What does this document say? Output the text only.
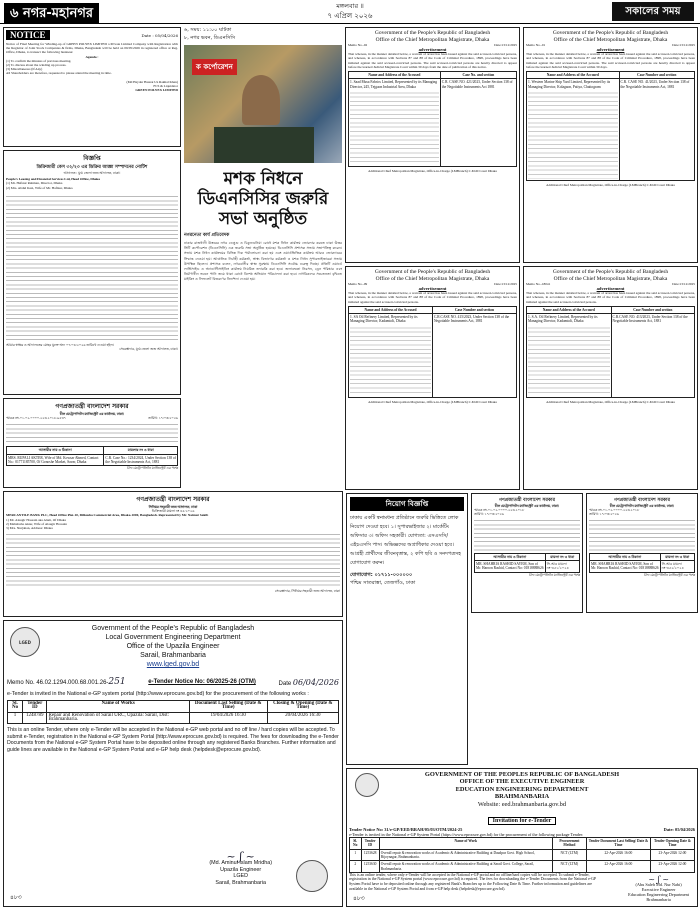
৬ নগর-মহানগর	মঙ্গলবার ॥
৭ এপ্রিল ২০২৬	সকালের সময়
NOTICE	Date : 05/04/2026
Notice of Final Meeting for Winding-up of GREEN POLYEX LIMITED a Private Limited Company with Registration with the Registrar of Joint Stock Companies & firms, Dhaka, Bangladesh will be held on 06/05/2026 in registered office at Reg. Office, Dhaka, to transact the following business:
Agenda :
(1) To confirm the minutes of previous meeting.
(2) To discuss about the winding up process.
(3) Miscellaneous (If Any)
All Shareholders are therefore, requested to please attend the meeting in time.
(Md Haydar Hasnat Uz Rakhal Khan)
FCS & Liquidator
GREEN POLYEX LIMITED
বিজ্ঞপ্তি
ডিক্রিজারী কেস ৩২/২৩ এর ডিক্রির আজ্ঞা সম্পাদনের নোটিশ
আদালত : যুগ্ম জেলা জজ আদালত, ঢাকা।
People's Leasing and Financial Services Ltd, Head Office, Dhaka
(1) Mr. Hafizur Rahman, Director, Dhaka
(2) Mrs. Abdul Kasi, Wife of Mr. Hafizur, Dhaka
আমার স্বাক্ষর ও আদালতের মোহর যুক্তে অদ্য ০৭/০৪/২০২৬ তারিখে দেওয়া হইল।
সেরেস্তাদার, যুগ্ম জেলা জজ আদালত, ঢাকা।
গণপ্রজাতন্ত্রী বাংলাদেশ সরকার
চীফ মেট্রোপলিটন ম্যাজিস্ট্রেট এর কার্যালয়, ঢাকা।
স্মারক নং-০১.০২.০০০০.২২৩.২০১৮.৯৫৩৭	তারিখ: ১৭/০৩/২০২৬
আসামীর নাম ও ঠিকানা	মামলার নং ও ধারা
MRS. RUPALI AKTER, Wife of Md. Kowsar Ahmed, Contact No.: 01771185700, Of Gonoshe Market, Savar, Dhaka	C.R. Case No.: 1234/2024, Under Section 138 of the Negotiable Instruments Act, 1881
চীফ মেট্রোপলিটন ম্যাজিস্ট্রেট এর পক্ষে
গণপ্রজাতন্ত্রী বাংলাদেশ সরকার
সিনিয়র সহকারী জজ আদালত, ঢাকা
ডিক্রিজারী মামলা নং ৪৫/২০২৬
MERCANTILE BANK PLC, Head Office Plot-10, Dilkusha Commercial Area, Dhaka-1000, Bangladesh. Represented by Mr. Naimur Sakib
1) Mr. Alaugir Hossain aka Alam, Of Dhaka
2) Mahabuba Akter, Wife of Alaugir Hossain
3) Mrs. Nurjahan, Address: Dhaka
সেরেস্তাদার, সিনিয়র সহকারী জজ আদালত, ঢাকা
৬, সময়: ১১:০০ ঘটিকা
৮, নগর ভবন, ডিএনসিসি
ক কর্পোরেশন
মশক নিধনে
ডিএনসিসির জরুরি
সভা অনুষ্ঠিত
নগরনেতা কার্য প্রতিবেদক
ঢাকার রাজধানী উত্তরের নগর ডেঙ্গু ও চিকুনগুনিয়া রোধে মশক নিধন কার্যক্রম জোরদার করতে ঢাকা উত্তর সিটি কর্পোরেশন (ডিএনসিসি) এক জরুরি সভা অনুষ্ঠিত হয়েছে। ডিএনসিসি প্রশাসক সভায় সভাপতিত্ব করেন। সভায় মশক নিধন কার্যক্রমের বিভিন্ন দিক পর্যালোচনা করা হয় এবং ওয়ার্ডভিত্তিক কার্যক্রম আরও জোরদারের সিদ্ধান্ত নেওয়া হয়। আঞ্চলিক নির্বাহী কর্মকর্তা, স্বাস্থ্য বিভাগের কর্মকর্তা ও মশক নিধন সুপারভাইজাররা সভায় উপস্থিত ছিলেন। প্রশাসক বলেন, নগরবাসীর স্বাস্থ্য সুরক্ষায় ডিএনসিসি সর্বোচ্চ গুরুত্ব দিচ্ছে। প্রতিটি ওয়ার্ডে লার্ভিসাইড ও অ্যাডাল্টিসাইডিং কার্যক্রম নিয়মিত তদারকি করা হবে। জলাবদ্ধতা নিরসন, ড্রেন পরিষ্কার এবং নির্মাণাধীন ভবনে পানি জমে থাকা রোধে বিশেষ অভিযান পরিচালনা করা হবে। নাগরিকদের সচেতনতা বৃদ্ধিতে মাইকিং ও লিফলেট বিতরণের নির্দেশনা দেওয়া হয়।
নিয়োগ বিজ্ঞপ্তি
ঢাকায় একটি স্বনামধন্য প্রতিষ্ঠানে জরুরি ভিত্তিতে লোক নিয়োগ দেওয়া হবে। ১। সুপারভাইজার ২। মার্কেটিং অফিসার ৩। অফিস সহকারী। যোগ্যতা: এসএসসি/এইচএসসি পাস। অভিজ্ঞদের অগ্রাধিকার দেওয়া হবে। আগ্রহী প্রার্থীদের জীবনবৃত্তান্ত, ২ কপি ছবি ও সনদপত্রসহ যোগাযোগ করুন।
যোগাযোগ: ০১৭১১-০০০০০০
পশ্চিম সাতরাস্তা, তেজগাঁও, ঢাকা
Government of the People's Republic of Bangladesh
Office of the Chief Metropolitan Magistrate, Dhaka
Memo No.-02	Date:13/12/2025
advertisement
That whereas, in the manner detailed below, a warrant of arrest has been issued against the said accused-convicted persons, and whereas, in accordance with Sections 87 and 88 of the Code of Criminal Procedure, 1898, proceedings have been initiated against the said accused-convicted persons. The said accused-convicted persons are hereby directed to appear before the learned Judicial Magistrate Court within 30 days from the date of publication of this notice.
Name and Address of the Accused	Case No. and section
1. Saad Musa Fabrics Limited, Represented by its Managing Director, 245, Tejgaon Industrial Area, Dhaka	C.R. CASE NO. 421/2023, Under Section 138 of the Negotiable Instruments Act 1881
Additional Chief Metropolitan Magistrate, Office-in-Charge (I.MBranch) C.M.M Court Dhaka
Government of the People's Republic of Bangladesh
Office of the Chief Metropolitan Magistrate, Dhaka
Memo No.-01	Date:13/12/2025
advertisement
That whereas, in the manner detailed below, a warrant of arrest has been issued against the said accused-convicted persons, and whereas, in accordance with Sections 87 and 88 of the Code of Criminal Procedure, 1898, proceedings have been initiated against the said accused-convicted persons. The said accused-convicted persons are hereby directed to appear before the learned Judicial Magistrate Court within 30 days.
Name and Address of the Accused	Case Number and section
1. Western Marine Ship Yard Limited, Represented by its Managing Director, Kolagaon, Patiya, Chattogram	C.R. CASE NO. 41/2023, Under Section 138 of the Negotiable Instruments Act, 1881
Additional Chief Metropolitan Magistrate, Office-in-Charge (I.MBranch) C.M.M Court Dhaka
Government of the People's Republic of Bangladesh
Office of the Chief Metropolitan Magistrate, Dhaka
Memo No.-09	Date:13/12/2025
advertisement
That whereas, in the manner detailed below, a warrant of arrest has been issued against the said accused-convicted persons, and whereas, in accordance with Sections 87 and 88 of the Code of Criminal Procedure, 1898, proceedings have been initiated against the said accused-convicted persons.
Name and Address of the Accused	Case Number and section
1. SA Oil Refinery Limited, Represented by its Managing Director, Kadamtoli, Dhaka	C.R.CASE NO. 415/2023, Under Section 138 of the Negotiable Instruments Act, 1881
Additional Chief Metropolitan Magistrate, Office-in-Charge (I.MBranch) C.M.M Court Dhaka
Government of the People's Republic of Bangladesh
Office of the Chief Metropolitan Magistrate, Dhaka
Memo No.-18041	Date:13/12/2025
advertisement
That whereas, in the manner detailed below, a warrant of arrest has been issued against the said accused-convicted persons, and whereas, in accordance with Sections 87 and 88 of the Code of Criminal Procedure, 1898, proceedings have been initiated against the said accused-convicted persons.
Name and Address of the Accused	Case Number and section
1. S.A. Oil Refinery Limited, Represented by its Managing Director, Kadamtoli, Dhaka	C.R.CASE NO. 413/2023, Under Section 138 of the Negotiable Instruments Act, 1881
Additional Chief Metropolitan Magistrate, Office-in-Charge (I.MBranch) C.M.M Court Dhaka
গণপ্রজাতন্ত্রী বাংলাদেশ সরকার
চীফ মেট্রোপলিটন ম্যাজিস্ট্রেট এর কার্যালয়, ঢাকা।
স্মারক নং-০১.০২.০০০০.২২৩.২০১৮
তারিখ: ১৭/০৩/২০২৬
আসামীর নাম ও ঠিকানা	মামলা নং ও ধারা
MR. SHAHRIA RASHID SAYEM, Son of Mr. Haroon Rashid, Contact No: 01818888626	সি.আর মামলা নং-৩৫১/২০২৪
চীফ মেট্রোপলিটন ম্যাজিস্ট্রেট এর পক্ষে
গণপ্রজাতন্ত্রী বাংলাদেশ সরকার
চীফ মেট্রোপলিটন ম্যাজিস্ট্রেট এর কার্যালয়, ঢাকা।
স্মারক নং-০১.০২.০০০০.২২৩.২০১৮
তারিখ: ১৭/০৩/২০২৬
আসামীর নাম ও ঠিকানা	মামলা নং ও ধারা
MR. SHAHRIA RASHID SAYEM, Son of Mr. Haroon Rashid, Contact No: 01818888626	সি.আর মামলা নং-৩৫২/২০২৪
চীফ মেট্রোপলিটন ম্যাজিস্ট্রেট এর পক্ষে
LGED
Government of the People's Republic of Bangladesh
Local Government Engineering Department
Office of the Upazila Engineer
Sarail, Brahmanbaria
www.lged.gov.bd
Memo No. 46.02.1294.000.68.001.26-251	e-Tender Notice No: 06/2025-26 (OTM)	Date 06/04/2026
e-Tender is invited in the National e-GP system portal (http://www.eprocure.gov.bd) for the procurement of the following works :
Sl. No	Tender ID	Name of Works	Document Last Selling (Date & Time)	Closing & Opening (Date & Time)
1	1248789	Repair and Renovation of Sarail URC, Upazila: Sarail, Dist: Brahmanbaria.	19/04/2026 16:30	20/04/2026 16:30
This is an online Tender, where only e-Tender will be accepted in the National e-GP web portal and no off line / hard copies will be accepted. To submit e-Tender, registration in the National e-GP System Portal (http://www.eprocure.gov.bd) is required. The fees for downloading the e-Tender Documents from the National e-GP System Portal have to be deposited online through any registered Banks Branches. Further information and guide lines are available in the National e-GP System Portal and e-GP help desk (helpdesk@eprocure.gov.bd).
~ ʃ ~
(Md. Aminul Islam Mridha)
Upazila Engineer
LGED
Sarail, Brahmanbaria
৪৮৩
GOVERNMENT OF THE PEOPLES REPUBLIC OF BANGLADESH
OFFICE OF THE EXECUTIVE ENGINEER
EDUCATION ENGINEERING DEPARTMENT
BRAHMANBARIA
Website: eed.brahmanbaria.gov.bd
Invitation for e-Tender
Tender Notice No: 31/e-GP/EED/BRAH/05/03/OTM/2024-25	Date: 05/04/2026
e-Tender is invited in the National e-GP System Portal (https://www.eprocure.gov.bd) for the procurement of the following package Tender:
Sl. No	Tender ID	Name of Work	Procurement Method	Tender Document Last Selling/ Date & Time	Tender Opening Date & Time
1	1253628	Overall repair & renovation works of Academic & Administrative Building at Daudpur Govt. High School, Bijoynagar, Brahmanbaria.	NCT (LTM)	22-Apr-2026 16:00	23-Apr-2026 12:00
2	1253630	Overall repair & renovation works of Academic & Administrative Building at Sarail Govt. College, Sarail, Brahmanbaria.	NCT (LTM)	22-Apr-2026 16:00	23-Apr-2026 12:00
This is an online tender, where only e-Tender will be accepted in the National e-GP portal and no offline/hard copies will be accepted. To submit e-Tender, registration in the National e-GP System portal (www.eprocure.gov.bd) is required. The fees for downloading the e-Tender Documents from the National e-GP System Portal have to be deposited online through any registered Bank's Branches up to the Following Date & Time. Further information and guidelines are available in the National e-GP System Portal and from e-GP help desk (helpdesk@eprocure.gov.bd).
~ ʃ ~
(Abu Saleh Md. Nur Nabi)
Executive Engineer
Education Engineering Department
Brahmanbaria
৪৮৩
